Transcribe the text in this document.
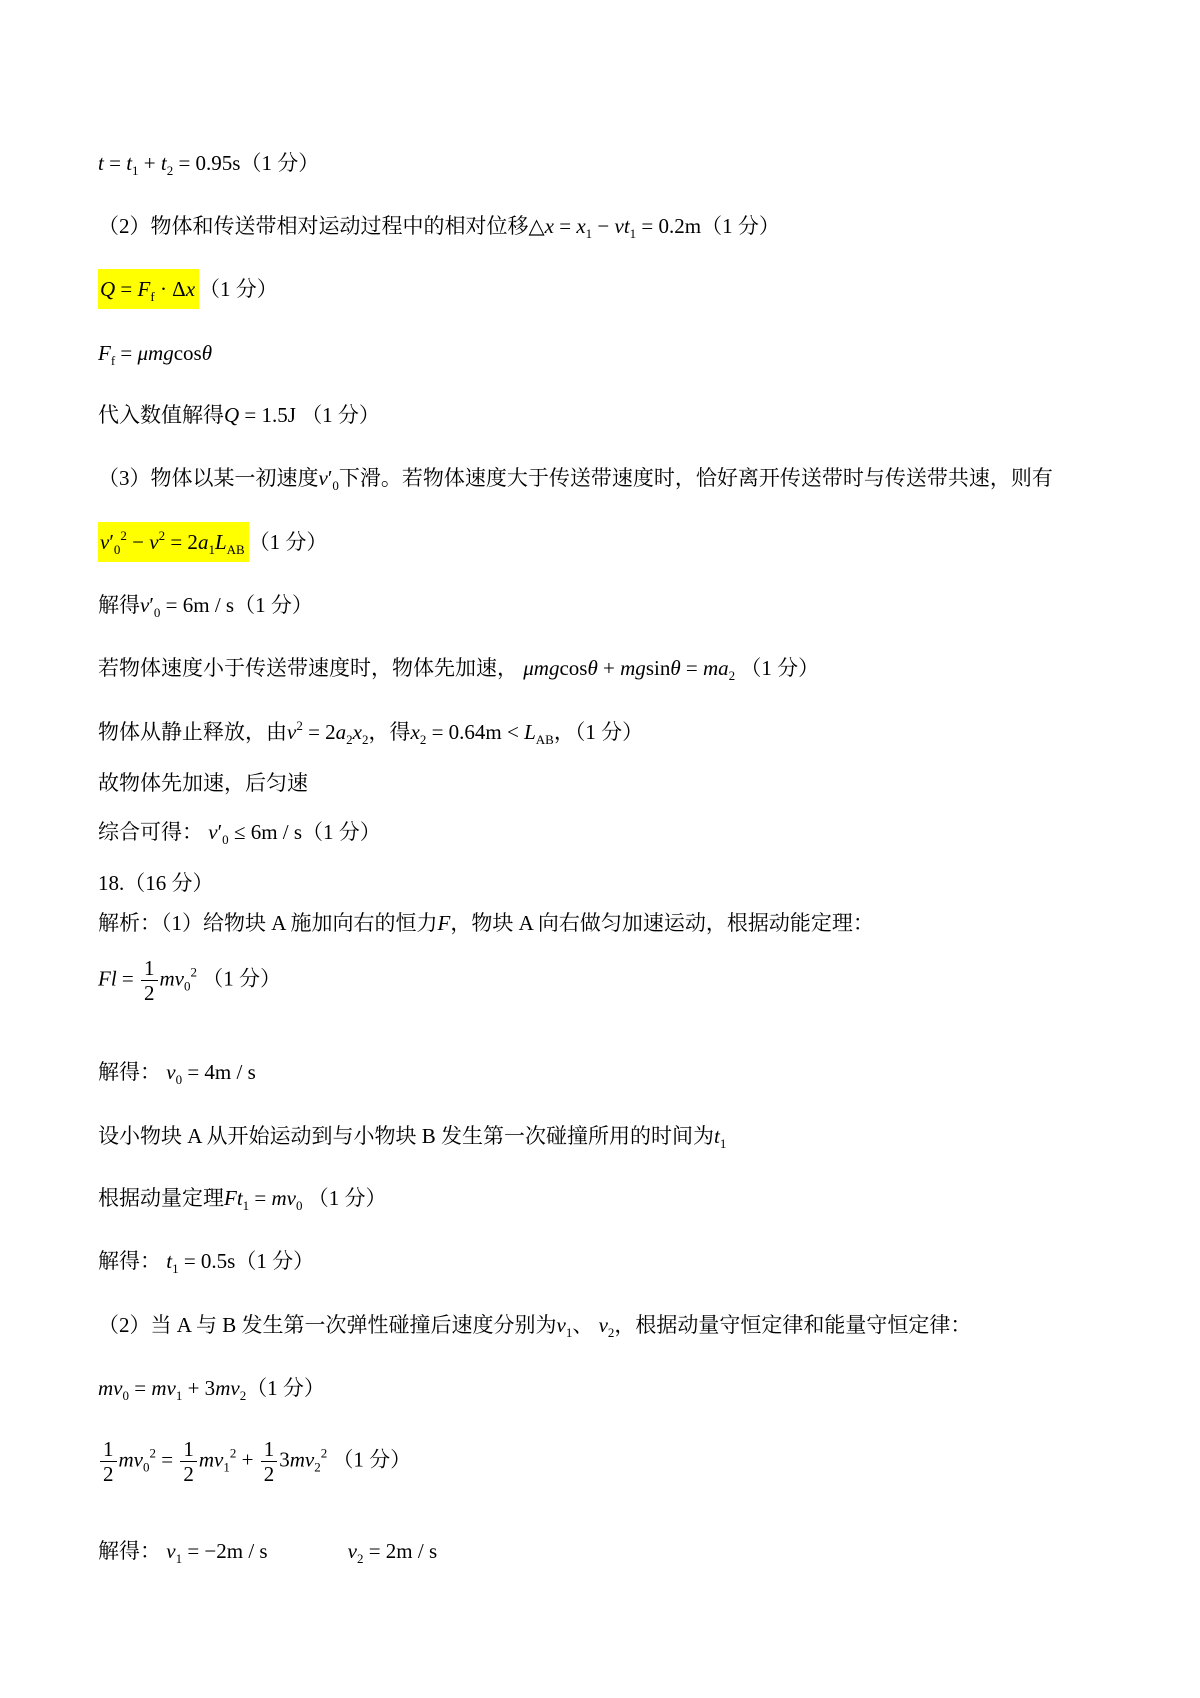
$t = t_1 + t_2 = 0.95s(1$ 分）
（2）物体和传送带相对运动过程中的相对位移△x = $x_1 - vt_1 = 0.2m(1$ 分）
$Q = F_f \cdot \Delta x$ （1 分）
$F_f = \mu mgcos\theta$
代入数值解得Q = 1.5J （1 分）
（3）物体以某一初速度$v'_0$下滑。若物体速度大于传送带速度时，恰好离开传送带时与传送带共速，则有
$v'_0^2 - v^2 = 2a_1L_{AB}$ （1 分）
解得$v'_0 = 6m / s(1$ 分）
若物体速度小于传送带速度时，物体先加速， $\mu mgcos\theta + mgsin\theta = ma_2$ （1 分）
物体从静止释放，由$v^2 = 2a_2x_2$，得$x_2 = 0.64m < L_{AB}$，（1 分）
故物体先加速，后匀速
综合可得： $v'_0 \le 6m / s(1$ 分）
18.（16 分）
解析：（1）给物块 A 施加向右的恒力F，物块 A 向右做匀加速运动，根据动能定理：
$Fl = \frac{1}{2} mv_0^2$ （1 分）
解得： $v_0 = 4m / s$
设小物块 A 从开始运动到与小物块 B 发生第一次碰撞所用的时间为$t_1$
根据动量定理$Ft_1 = mv_0$ （1 分）
解得： $t_1 = 0.5s(1$ 分）
（2）当 A 与 B 发生第一次弹性碰撞后速度分别为$v_1$、 $v_2$，根据动量守恒定律和能量守恒定律：
$mv_0 = mv_1 + 3mv_2(1$ 分）
$\frac{1}{2} mv_0^2 = \frac{1}{2} mv_1^2 + \frac{1}{2} 3mv_2^2$ （1 分）
解得： $v_1 = -2m / s$	$v_2 = 2m / s$
